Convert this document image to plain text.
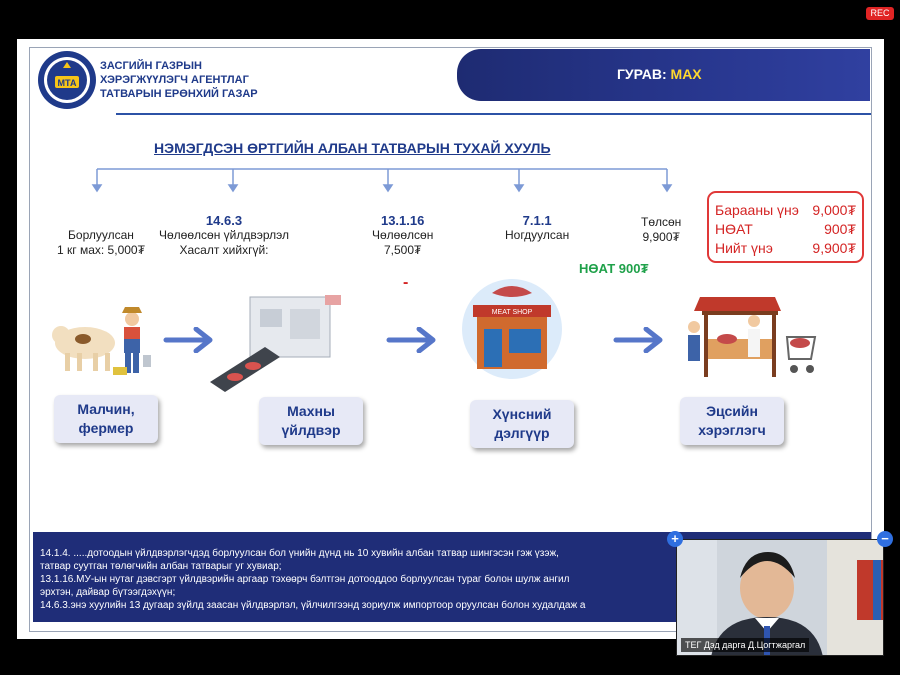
REC
МТА
ЗАСГИЙН ГАЗРЫН
ХЭРЭГЖҮҮЛЭГЧ АГЕНТЛАГ
ТАТВАРЫН ЕРӨНХИЙ ГАЗАР
ГУРАВ: МАХ
НЭМЭГДСЭН ӨРТГИЙН АЛБАН ТАТВАРЫН ТУХАЙ ХУУЛЬ
Борлуулсан
1 кг мах: 5,000₮
14.6.3
Чөлөөлсөн үйлдвэрлэл
Хасалт хийхгүй:
13.1.16
Чөлөөлсөн
7,500₮
7.1.1
Ногдуулсан
Төлсөн
9,900₮
Барааны үнэ 9,000₮
НӨАТ	900₮
Нийт үнэ	9,900₮
НӨАТ 900₮
-
MEAT SHOP
Малчин,
фермер
Махны
үйлдвэр
Хүнсний
дэлгүүр
Эцсийн
хэрэглэгч
14.1.4. .....дотоодын үйлдвэрлэгчдэд борлуулсан бол үнийн дүнд нь 10 хувийн албан татвар шингэсэн гэж үзэж,
татвар суутган төлөгчийн албан татварыг уг хувиар;
13.1.16.МУ-ын нутаг дэвсгэрт үйлдвэрийн аргаар тэхөөрч бэлтгэн дотоoддоо борлуулсан тураг болон шулж ангил
эрхтэн, дайвар бүтээгдэхүүн;
14.6.3.энэ хуулийн 13 дугаар зүйлд заасан үйлдвэрлэл, үйлчилгээнд зориулж импортоор оруулсан болон худалдаж а
ТЕГ Дэд дарга Д.Цогтжаргал
+	−
